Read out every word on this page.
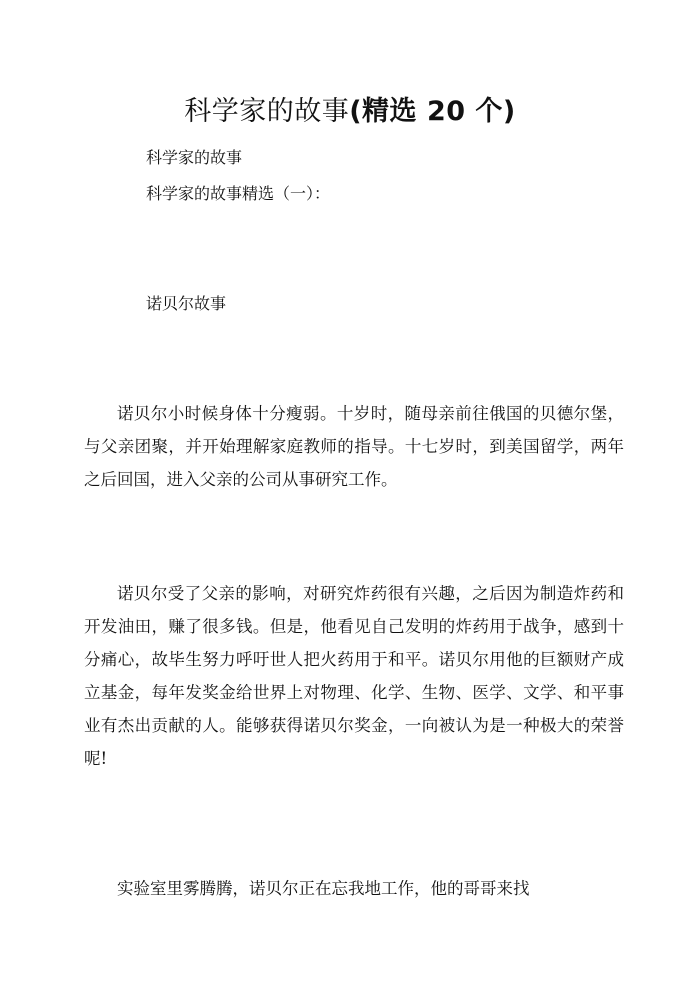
科学家的故事(精选 20 个)
科学家的故事
科学家的故事精选（一）：
诺贝尔故事
诺贝尔小时候身体十分瘦弱。十岁时，随母亲前往俄国的贝德尔堡，与父亲团聚，并开始理解家庭教师的指导。十七岁时，到美国留学，两年之后回国，进入父亲的公司从事研究工作。
诺贝尔受了父亲的影响，对研究炸药很有兴趣，之后因为制造炸药和开发油田，赚了很多钱。但是，他看见自己发明的炸药用于战争，感到十分痛心，故毕生努力呼吁世人把火药用于和平。诺贝尔用他的巨额财产成立基金，每年发奖金给世界上对物理、化学、生物、医学、文学、和平事业有杰出贡献的人。能够获得诺贝尔奖金，一向被认为是一种极大的荣誉呢!
实验室里雾腾腾，诺贝尔正在忘我地工作，他的哥哥来找
